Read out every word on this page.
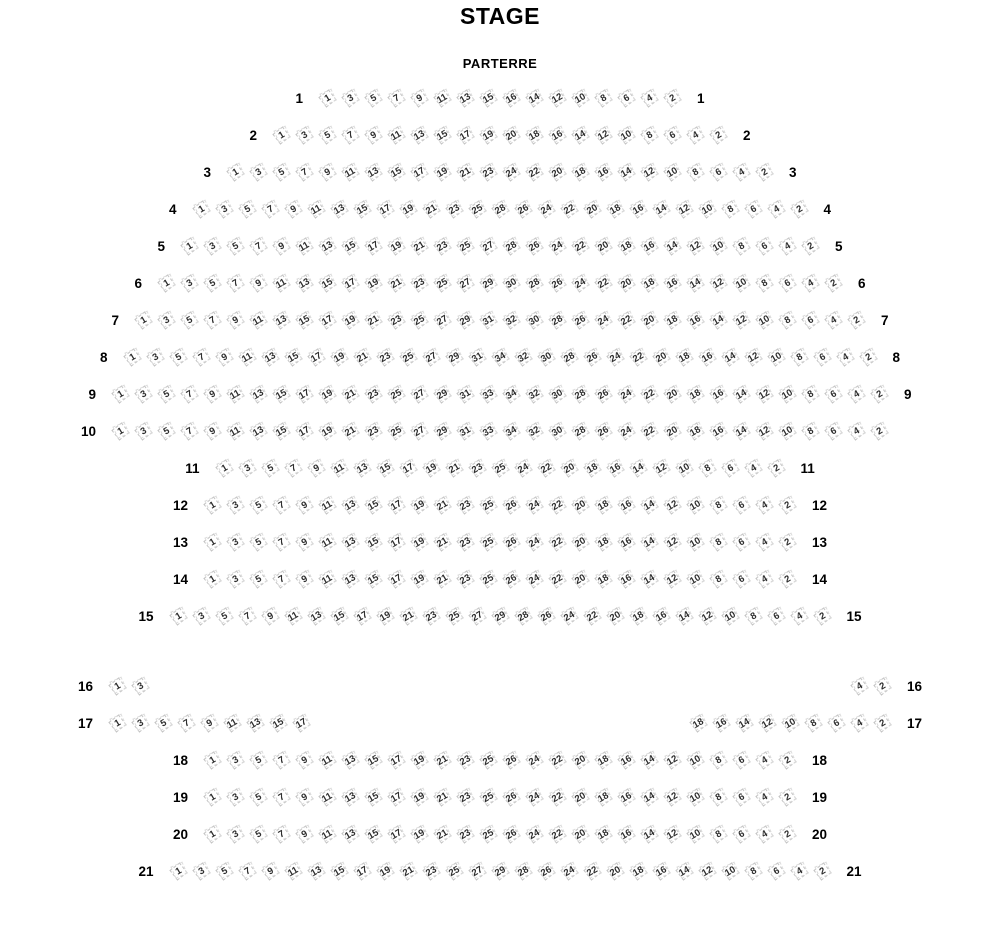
STAGE
PARTERRE
1	1 3 5 7 9 11 13 15 16 14 12 10 8 6 4 2	1
2	1 3 5 7 9 11 13 15 17 19 20 18 16 14 12 10 8 6 4 2	2
3	1 3 5 7 9 11 13 15 17 19 21 23 24 22 20 18 16 14 12 10 8 6 4 2	3
4	1 3 5 7 9 11 13 15 17 19 21 23 25 28 26 24 22 20 18 16 14 12 10 8 6 4 2	4
5	1 3 5 7 9 11 13 15 17 19 21 23 25 27 28 26 24 22 20 18 16 14 12 10 8 6 4 2	5
6	1 3 5 7 9 11 13 15 17 19 21 23 25 27 29 30 28 26 24 22 20 18 16 14 12 10 8 6 4 2	6
7	1 3 5 7 9 11 13 15 17 19 21 23 25 27 29 31 32 30 28 26 24 22 20 18 16 14 12 10 8 6 4 2	7
8	1 3 5 7 9 11 13 15 17 19 21 23 25 27 29 31 34 32 30 28 26 24 22 20 18 16 14 12 10 8 6 4 2	8
9	1 3 5 7 9 11 13 15 17 19 21 23 25 27 29 31 33 34 32 30 28 26 24 22 20 18 16 14 12 10 8 6 4 2	9
10	1 3 5 7 9 11 13 15 17 19 21 23 25 27 29 31 33 34 32 30 28 26 24 22 20 18 16 14 12 10 8 6 4 2
11	1 3 5 7 9 11 13 15 17 19 21 23 25 24 22 20 18 16 14 12 10 8 6 4 2	11
12	1 3 5 7 9 11 13 15 17 19 21 23 25 26 24 22 20 18 16 14 12 10 8 6 4 2	12
13	1 3 5 7 9 11 13 15 17 19 21 23 25 26 24 22 20 18 16 14 12 10 8 6 4 2	13
14	1 3 5 7 9 11 13 15 17 19 21 23 25 26 24 22 20 18 16 14 12 10 8 6 4 2	14
15	1 3 5 7 9 11 13 15 17 19 21 23 25 27 29 28 26 24 22 20 18 16 14 12 10 8 6 4 2	15
16	1 3	4 2	16
17	1 3 5 7 9 11 13 15 17	18 16 14 12 10 8 6 4 2	17
18	1 3 5 7 9 11 13 15 17 19 21 23 25 26 24 22 20 18 16 14 12 10 8 6 4 2	18
19	1 3 5 7 9 11 13 15 17 19 21 23 25 26 24 22 20 18 16 14 12 10 8 6 4 2	19
20	1 3 5 7 9 11 13 15 17 19 21 23 25 26 24 22 20 18 16 14 12 10 8 6 4 2	20
21	1 3 5 7 9 11 13 15 17 19 21 23 25 27 29 28 26 24 22 20 18 16 14 12 10 8 6 4 2	21
